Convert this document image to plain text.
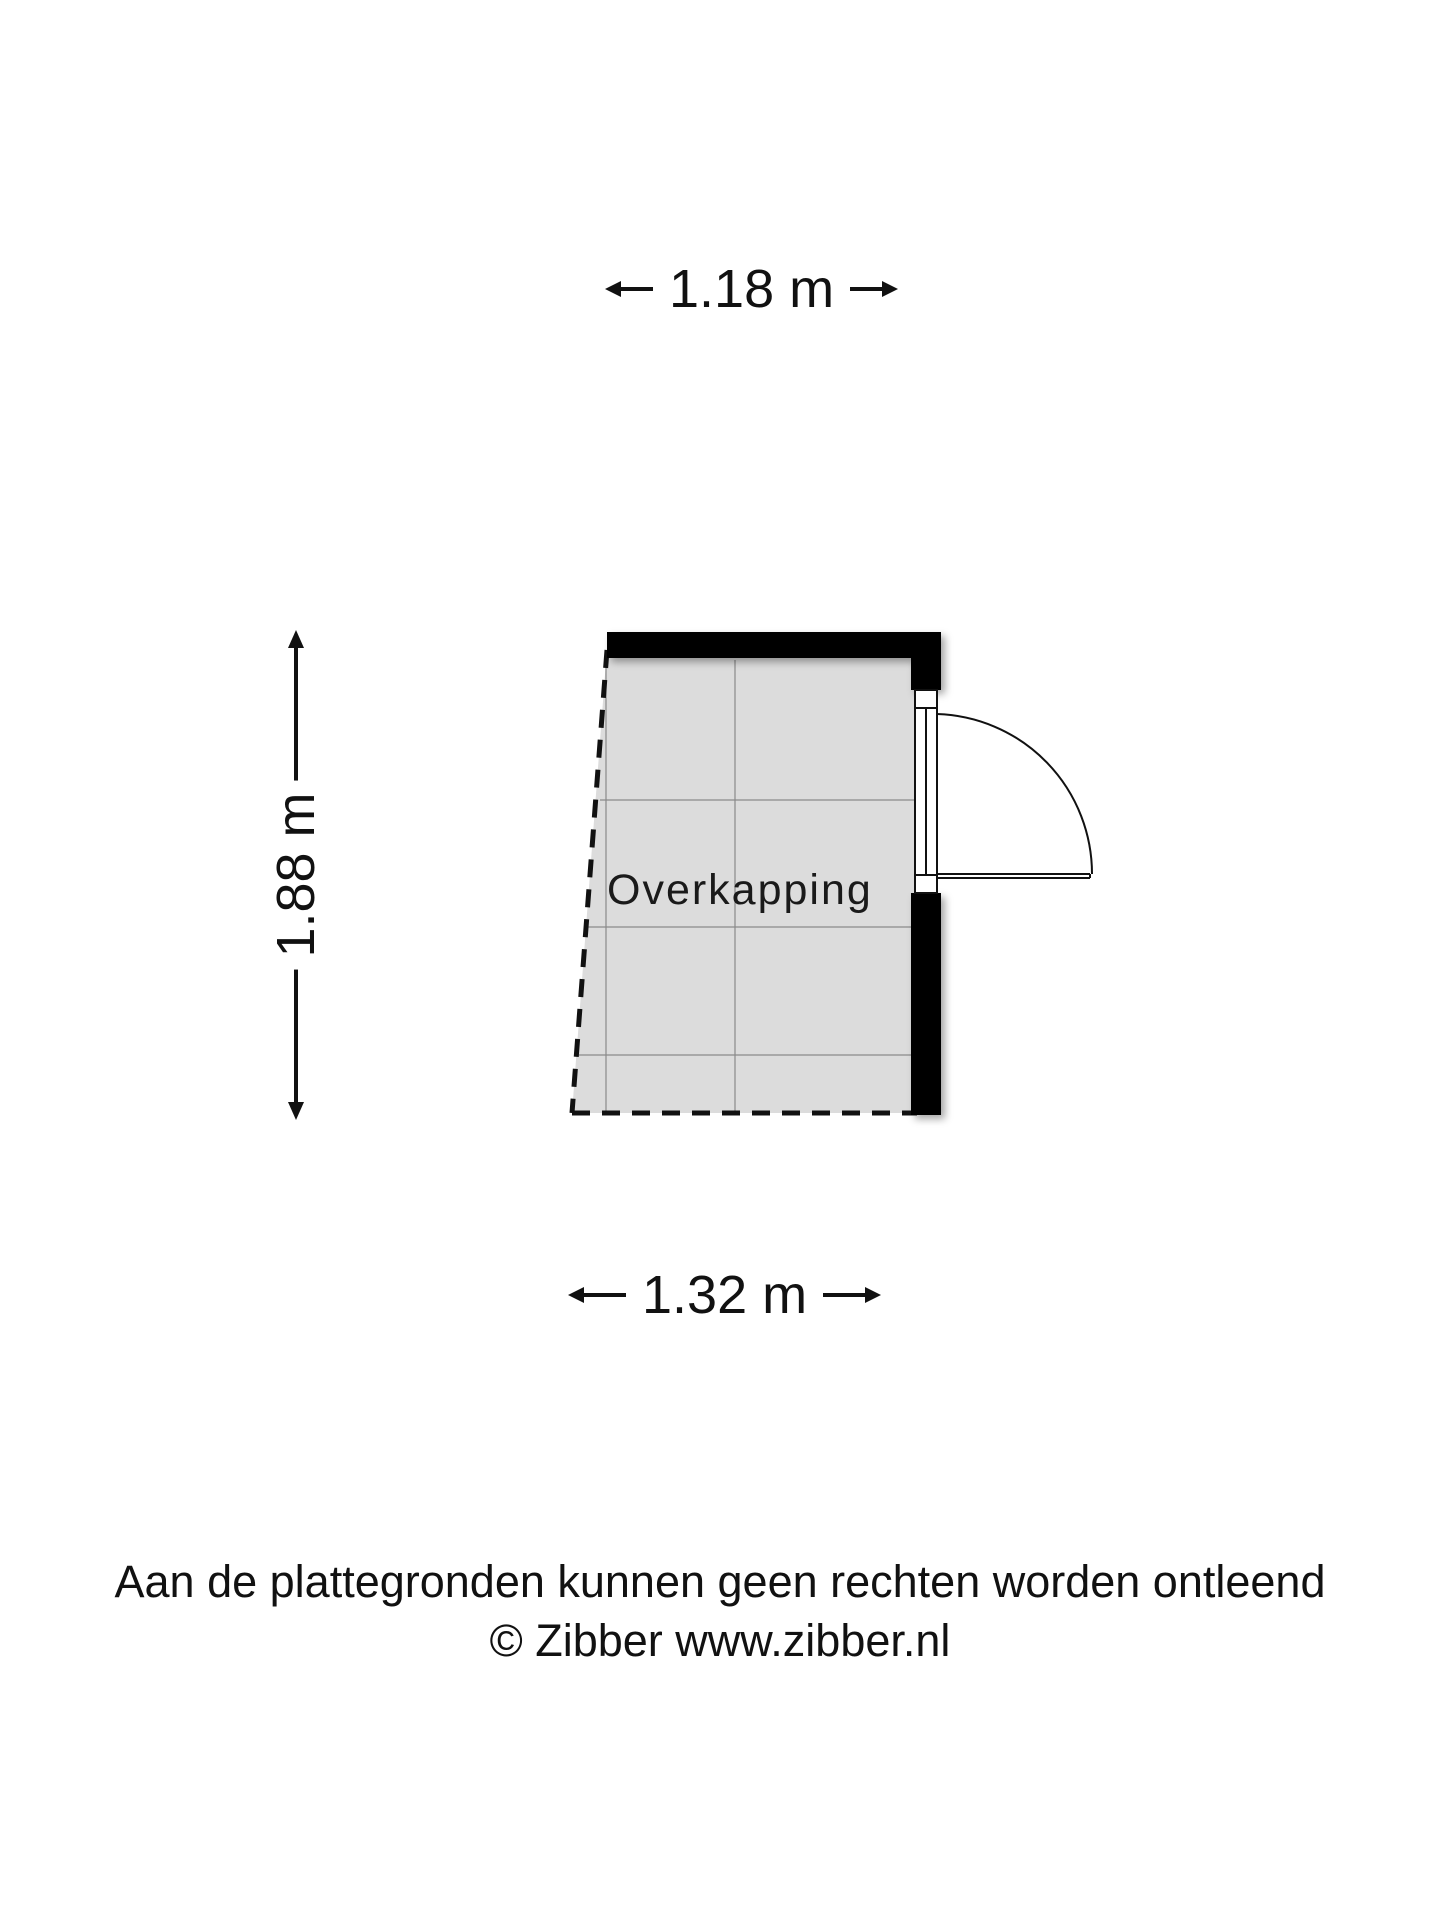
1.18 m
1.88 m	Overkapping
1.32 m
Aan de plattegronden kunnen geen rechten worden ontleend
© Zibber www.zibber.nl
